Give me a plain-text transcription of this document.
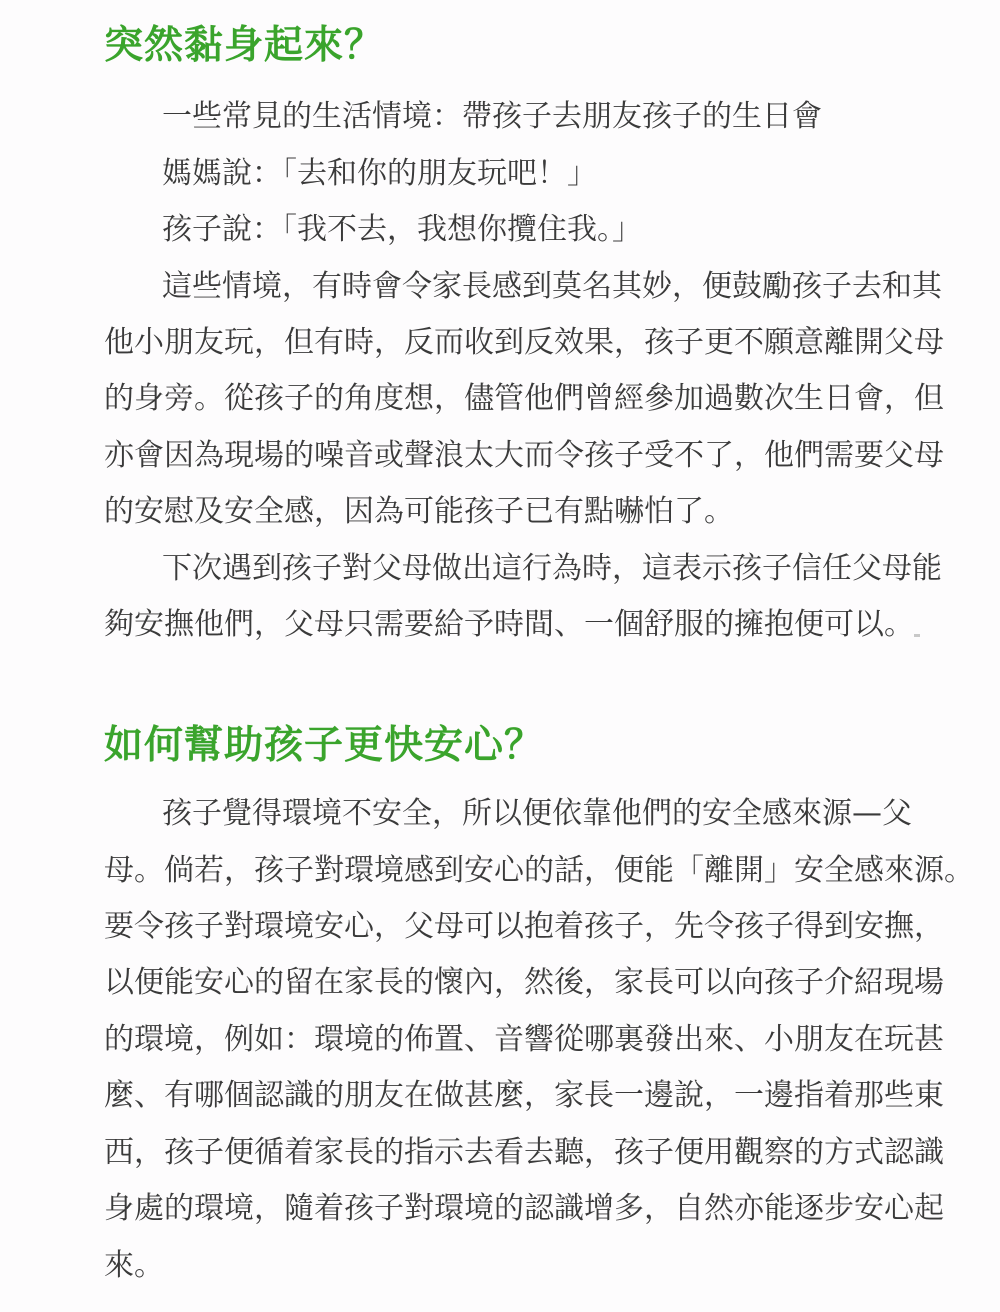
突然黏身起來？

一些常見的生活情境：帶孩子去朋友孩子的生日會

媽媽說：「去和你的朋友玩吧！」

孩子說：「我不去，我想你攬住我。」

這些情境，有時會令家長感到莫名其妙，便鼓勵孩子去和其

他小朋友玩，但有時，反而收到反效果，孩子更不願意離開父母

的身旁。從孩子的角度想，儘管他們曾經參加過數次生日會，但

亦會因為現場的噪音或聲浪太大而令孩子受不了，他們需要父母

的安慰及安全感，因為可能孩子已有點嚇怕了。

下次遇到孩子對父母做出這行為時，這表示孩子信任父母能

夠安撫他們，父母只需要給予時間、一個舒服的擁抱便可以。

如何幫助孩子更快安心？

孩子覺得環境不安全，所以便依靠他們的安全感來源—父

母。倘若，孩子對環境感到安心的話，便能「離開」安全感來源。

要令孩子對環境安心，父母可以抱着孩子，先令孩子得到安撫，

以便能安心的留在家長的懷內，然後，家長可以向孩子介紹現場

的環境，例如：環境的佈置、音響從哪裏發出來、小朋友在玩甚

麼、有哪個認識的朋友在做甚麼，家長一邊說，一邊指着那些東

西，孩子便循着家長的指示去看去聽，孩子便用觀察的方式認識

身處的環境，隨着孩子對環境的認識增多，自然亦能逐步安心起

來。
